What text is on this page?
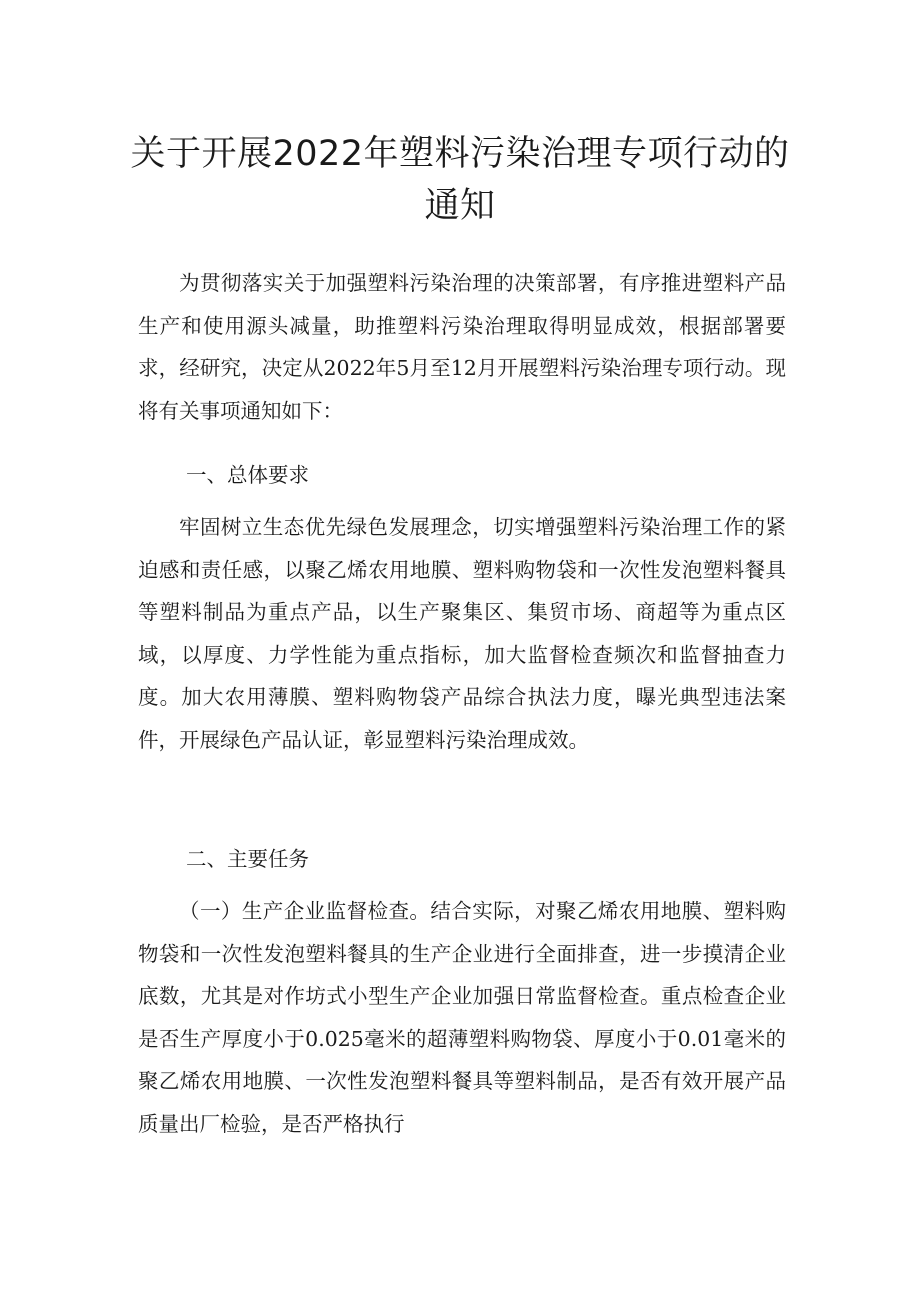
关于开展2022年塑料污染治理专项行动的通知

为贯彻落实关于加强塑料污染治理的决策部署，有序推进塑料产品生产和使用源头减量，助推塑料污染治理取得明显成效，根据部署要求，经研究，决定从2022年5月至12月开展塑料污染治理专项行动。现将有关事项通知如下：

一、总体要求

牢固树立生态优先绿色发展理念，切实增强塑料污染治理工作的紧迫感和责任感，以聚乙烯农用地膜、塑料购物袋和一次性发泡塑料餐具等塑料制品为重点产品，以生产聚集区、集贸市场、商超等为重点区域，以厚度、力学性能为重点指标，加大监督检查频次和监督抽查力度。加大农用薄膜、塑料购物袋产品综合执法力度，曝光典型违法案件，开展绿色产品认证，彰显塑料污染治理成效。

二、主要任务

（一）生产企业监督检查。结合实际，对聚乙烯农用地膜、塑料购物袋和一次性发泡塑料餐具的生产企业进行全面排查，进一步摸清企业底数，尤其是对作坊式小型生产企业加强日常监督检查。重点检查企业是否生产厚度小于0.025毫米的超薄塑料购物袋、厚度小于0.01毫米的聚乙烯农用地膜、一次性发泡塑料餐具等塑料制品，是否有效开展产品质量出厂检验，是否严格执行
